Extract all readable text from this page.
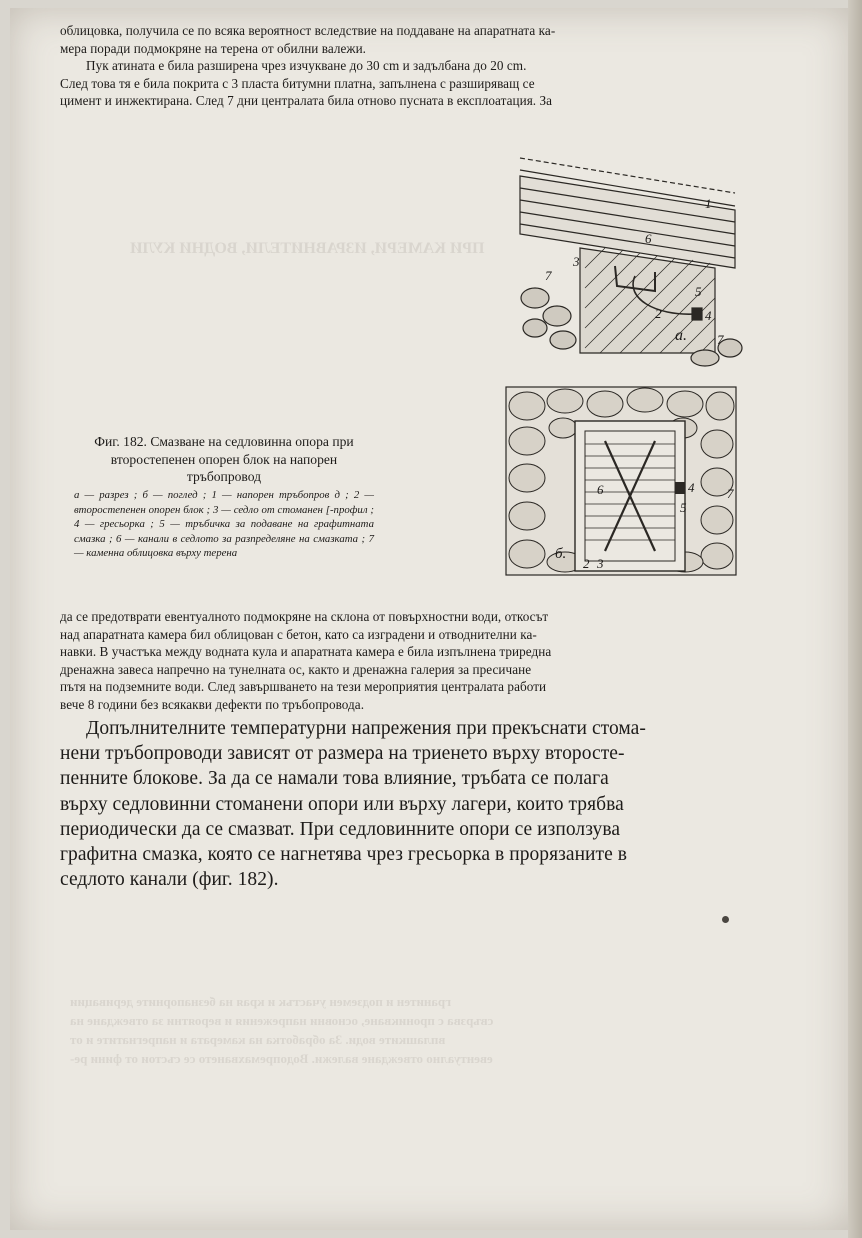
ПРИ КАМЕРИ, ИЗРАВНИТЕЛИ, ВОДНИ КУЛИ
гранитен и подземен участък и края на безнапорните деривации
свързва с проникване, основни напрежения и вероятни за отвеждане на
вплашките води. За обработка на камерата и напрегнатите и от
евентуално отвеждане валежи. Водопремахването се състои от фини ре-

облицовка, получила се по всяка вероятност вследствие на поддаване на апаратната ка-

мера поради подмокряне на терена от обилни валежи.

Пук атината е била разширена чрез изчукване до 30 cm и задълбана до 20 cm.

След това тя е била покрита с 3 пласта битумни платна, запълнена с разширяващ се

цимент и инжектирана. След 7 дни централата била отново пусната в експлоатация. За

Фиг. 182. Смазване на седловинна опора при второстепенен опорен блок на напорен тръбопровод
а — разрез ; б — поглед ; 1 — напорен тръбопров д ; 2 — второстепенен опорен блок ; 3 — седло от стоманен [-профил ; 4 — гресьорка ; 5 — тръбичка за подаване на графитната смазка ; 6 — канали в седлото за разпределяне на смазката ; 7 — каменна облицовка върху терена
1
2
3
4
5
6
7
7
а.
6	4
5
2 3
7
б.

да се предотврати евентуалното подмокряне на склона от повърхностни води, откосът

над апаратната камера бил облицован с бетон, като са изградени и отводнителни ка-

навки. В участъка между водната кула и апаратната камера е била изпълнена триредна

дренажна завеса напречно на тунелната ос, както и дренажна галерия за пресичане

пътя на подземните води. След завършването на тези мероприятия централата работи

вече 8 години без всякакви дефекти по тръбопровода.

Допълнителните температурни напрежения при прекъснати стома-

нени тръбопроводи зависят от размера на триенето върху второсте-

пенните блокове. За да се намали това влияние, тръбата се полага

върху седловинни стоманени опори или върху лагери, които трябва

периодически да се смазват. При седловинните опори се използува

графитна смазка, която се нагнетява чрез гресьорка в прорязаните в

седлото канали (фиг. 182).
